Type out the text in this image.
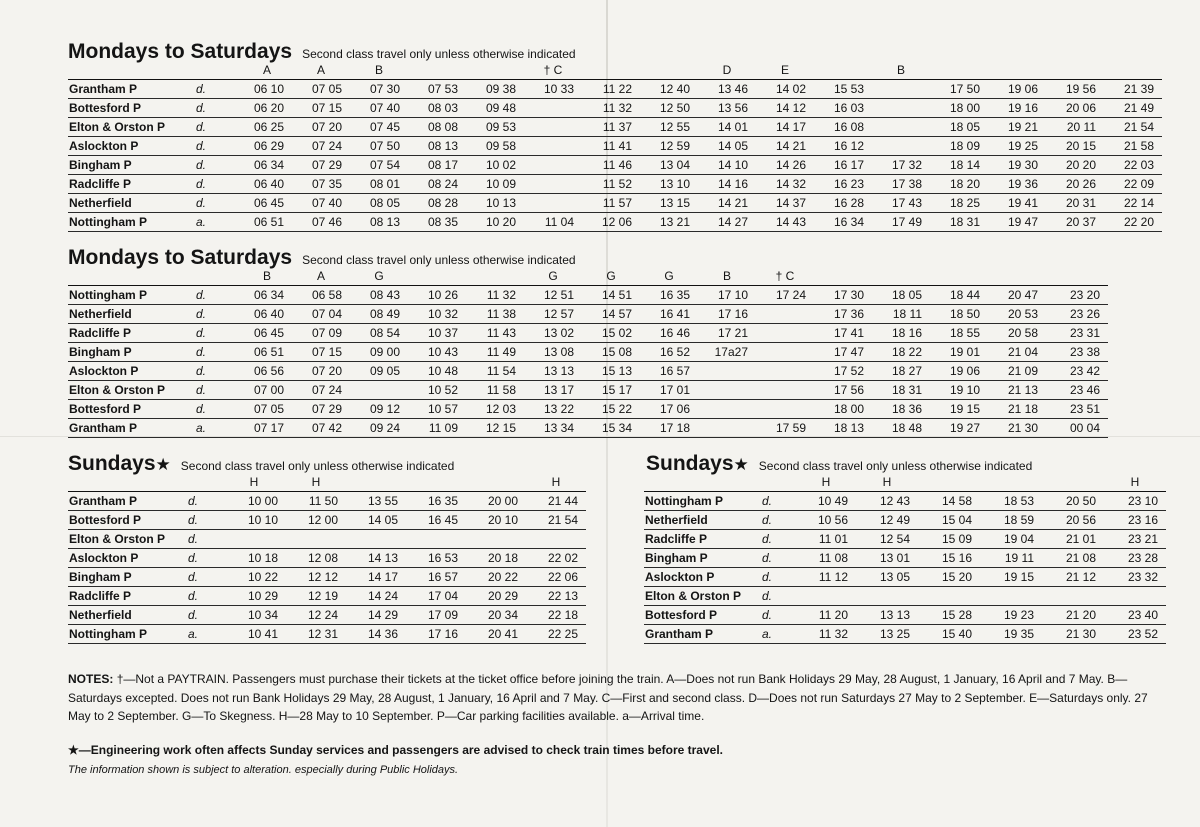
Mondays to Saturdays Second class travel only unless otherwise indicated
		A	A	B			† C			D	E		B				
Grantham P	d.	06 10	07 05	07 30	07 53	09 38	10 33	11 22	12 40	13 46	14 02	15 53		17 50	19 06	19 56	21 39
Bottesford P	d.	06 20	07 15	07 40	08 03	09 48		11 32	12 50	13 56	14 12	16 03		18 00	19 16	20 06	21 49
Elton & Orston P	d.	06 25	07 20	07 45	08 08	09 53		11 37	12 55	14 01	14 17	16 08		18 05	19 21	20 11	21 54
Aslockton P	d.	06 29	07 24	07 50	08 13	09 58		11 41	12 59	14 05	14 21	16 12		18 09	19 25	20 15	21 58
Bingham P	d.	06 34	07 29	07 54	08 17	10 02		11 46	13 04	14 10	14 26	16 17	17 32	18 14	19 30	20 20	22 03
Radcliffe P	d.	06 40	07 35	08 01	08 24	10 09		11 52	13 10	14 16	14 32	16 23	17 38	18 20	19 36	20 26	22 09
Netherfield	d.	06 45	07 40	08 05	08 28	10 13		11 57	13 15	14 21	14 37	16 28	17 43	18 25	19 41	20 31	22 14
Nottingham P	a.	06 51	07 46	08 13	08 35	10 20	11 04	12 06	13 21	14 27	14 43	16 34	17 49	18 31	19 47	20 37	22 20
Mondays to Saturdays Second class travel only unless otherwise indicated
		B	A	G			G	G	G	B	† C					
Nottingham P	d.	06 34	06 58	08 43	10 26	11 32	12 51	14 51	16 35	17 10	17 24	17 30	18 05	18 44	20 47	23 20
Netherfield	d.	06 40	07 04	08 49	10 32	11 38	12 57	14 57	16 41	17 16		17 36	18 11	18 50	20 53	23 26
Radcliffe P	d.	06 45	07 09	08 54	10 37	11 43	13 02	15 02	16 46	17 21		17 41	18 16	18 55	20 58	23 31
Bingham P	d.	06 51	07 15	09 00	10 43	11 49	13 08	15 08	16 52	17a27		17 47	18 22	19 01	21 04	23 38
Aslockton P	d.	06 56	07 20	09 05	10 48	11 54	13 13	15 13	16 57			17 52	18 27	19 06	21 09	23 42
Elton & Orston P	d.	07 00	07 24		10 52	11 58	13 17	15 17	17 01			17 56	18 31	19 10	21 13	23 46
Bottesford P	d.	07 05	07 29	09 12	10 57	12 03	13 22	15 22	17 06			18 00	18 36	19 15	21 18	23 51
Grantham P	a.	07 17	07 42	09 24	11 09	12 15	13 34	15 34	17 18		17 59	18 13	18 48	19 27	21 30	00 04
Sundays★ Second class travel only unless otherwise indicated
		H	H				H
Grantham P	d.	10 00	11 50	13 55	16 35	20 00	21 44
Bottesford P	d.	10 10	12 00	14 05	16 45	20 10	21 54
Elton & Orston P	d.						
Aslockton P	d.	10 18	12 08	14 13	16 53	20 18	22 02
Bingham P	d.	10 22	12 12	14 17	16 57	20 22	22 06
Radcliffe P	d.	10 29	12 19	14 24	17 04	20 29	22 13
Netherfield	d.	10 34	12 24	14 29	17 09	20 34	22 18
Nottingham P	a.	10 41	12 31	14 36	17 16	20 41	22 25
Sundays★ Second class travel only unless otherwise indicated
		H	H				H
Nottingham P	d.	10 49	12 43	14 58	18 53	20 50	23 10
Netherfield	d.	10 56	12 49	15 04	18 59	20 56	23 16
Radcliffe P	d.	11 01	12 54	15 09	19 04	21 01	23 21
Bingham P	d.	11 08	13 01	15 16	19 11	21 08	23 28
Aslockton P	d.	11 12	13 05	15 20	19 15	21 12	23 32
Elton & Orston P	d.						
Bottesford P	d.	11 20	13 13	15 28	19 23	21 20	23 40
Grantham P	a.	11 32	13 25	15 40	19 35	21 30	23 52
NOTES: †—Not a PAYTRAIN. Passengers must purchase their tickets at the ticket office before joining the train. A—Does not run Bank Holidays 29 May, 28 August, 1 January, 16 April and 7 May. B—Saturdays excepted. Does not run Bank Holidays 29 May, 28 August, 1 January, 16 April and 7 May. C—First and second class. D—Does not run Saturdays 27 May to 2 September. E—Saturdays only. 27 May to 2 September. G—To Skegness. H—28 May to 10 September. P—Car parking facilities available. a—Arrival time.
★—Engineering work often affects Sunday services and passengers are advised to check train times before travel.
The information shown is subject to alteration. especially during Public Holidays.
